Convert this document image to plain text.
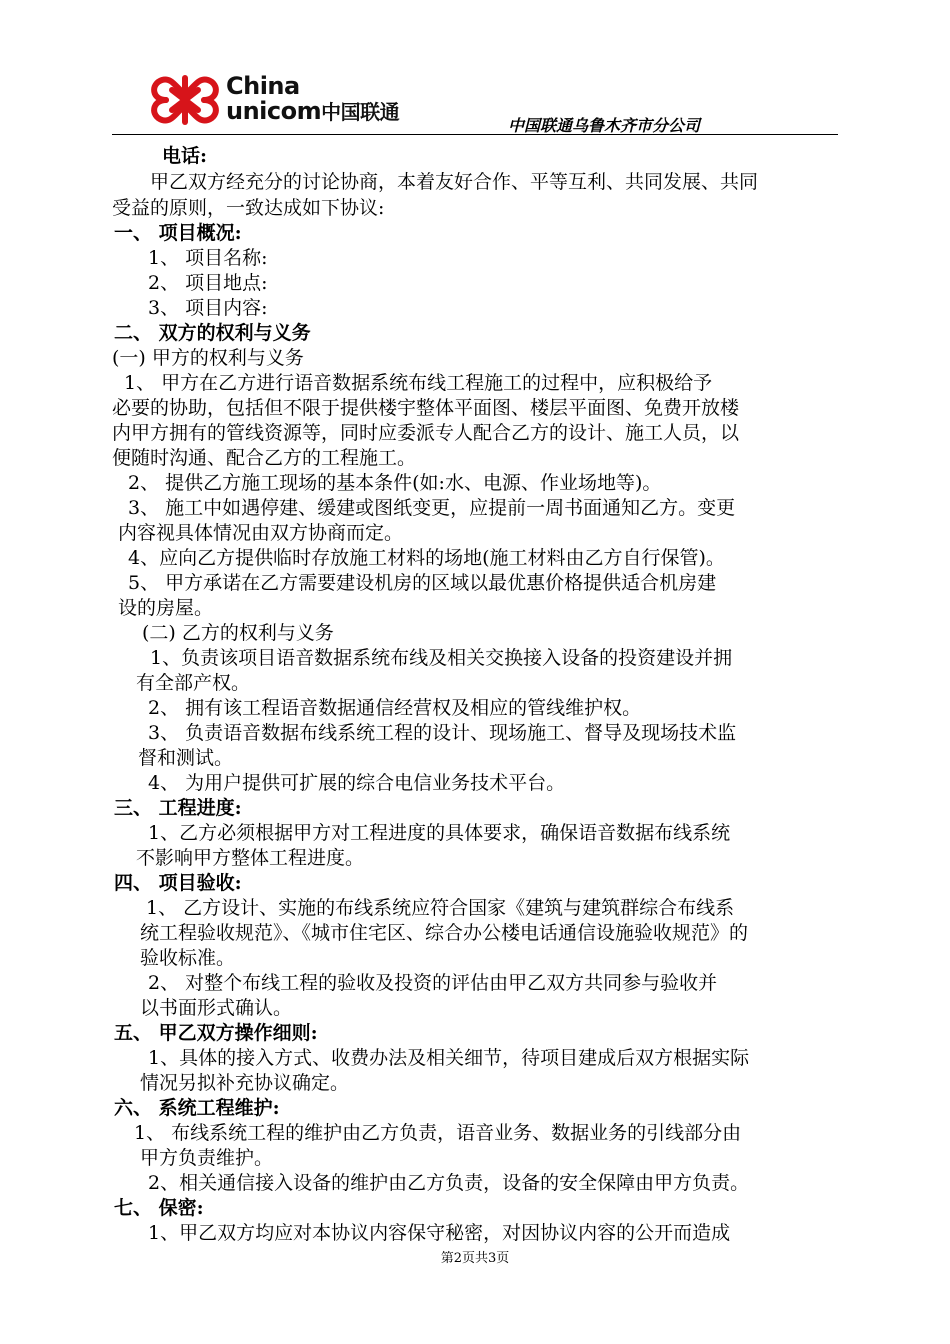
China
unicom中国联通
中国联通乌鲁木齐市分公司
电话:
甲乙双方经充分的讨论协商，本着友好合作、平等互利、共同发展、共同
受益的原则，一致达成如下协议:
一、 项目概况:
1、 项目名称:
2、 项目地点:
3、 项目内容:
二、 双方的权利与义务
(一) 甲方的权利与义务
1、 甲方在乙方进行语音数据系统布线工程施工的过程中，应积极给予
必要的协助，包括但不限于提供楼宇整体平面图、楼层平面图、免费开放楼
内甲方拥有的管线资源等，同时应委派专人配合乙方的设计、施工人员，以
便随时沟通、配合乙方的工程施工。
2、 提供乙方施工现场的基本条件(如:水、电源、作业场地等)。
3、 施工中如遇停建、缓建或图纸变更，应提前一周书面通知乙方。变更
内容视具体情况由双方协商而定。
4、应向乙方提供临时存放施工材料的场地(施工材料由乙方自行保管)。
5、 甲方承诺在乙方需要建设机房的区域以最优惠价格提供适合机房建
设的房屋。
(二) 乙方的权利与义务
1、负责该项目语音数据系统布线及相关交换接入设备的投资建设并拥
有全部产权。
2、 拥有该工程语音数据通信经营权及相应的管线维护权。
3、 负责语音数据布线系统工程的设计、现场施工、督导及现场技术监
督和测试。
4、 为用户提供可扩展的综合电信业务技术平台。
三、 工程进度:
1、乙方必须根据甲方对工程进度的具体要求，确保语音数据布线系统
不影响甲方整体工程进度。
四、 项目验收:
1、 乙方设计、实施的布线系统应符合国家《建筑与建筑群综合布线系
统工程验收规范》、《城市住宅区、综合办公楼电话通信设施验收规范》的
验收标准。
2、 对整个布线工程的验收及投资的评估由甲乙双方共同参与验收并
以书面形式确认。
五、 甲乙双方操作细则:
1、具体的接入方式、收费办法及相关细节，待项目建成后双方根据实际
情况另拟补充协议确定。
六、 系统工程维护:
1、 布线系统工程的维护由乙方负责，语音业务、数据业务的引线部分由
甲方负责维护。
2、相关通信接入设备的维护由乙方负责，设备的安全保障由甲方负责。
七、 保密:
1、甲乙双方均应对本协议内容保守秘密，对因协议内容的公开而造成
第2页共3页
